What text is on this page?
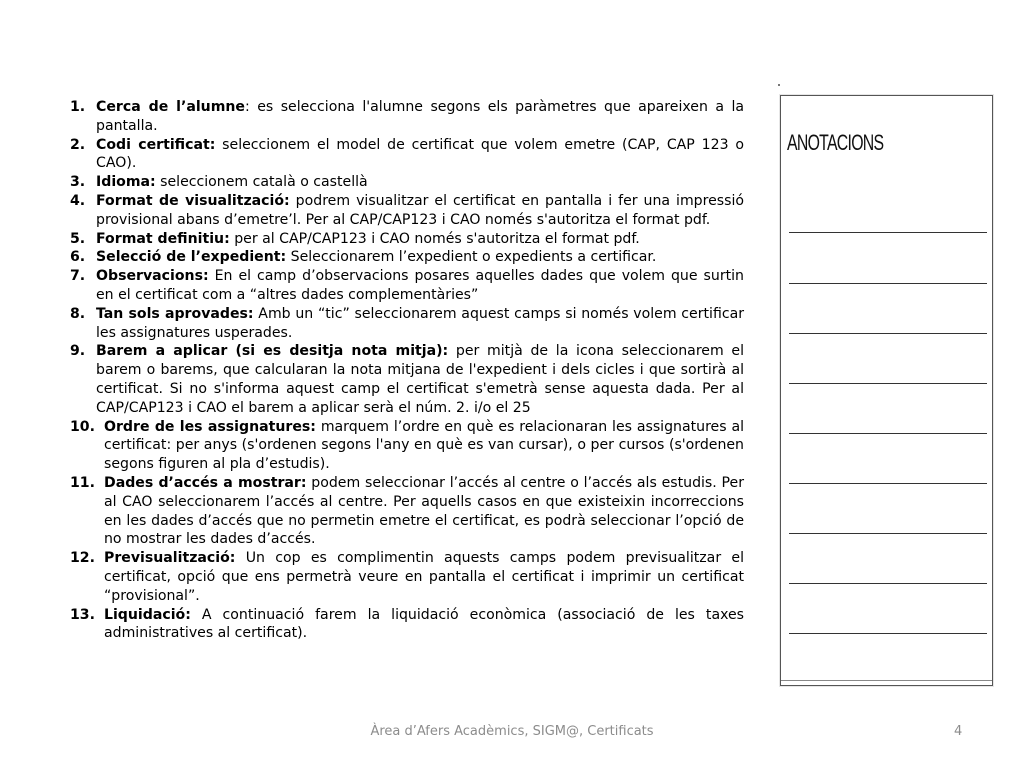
1. Cerca de l’alumne: es selecciona l'alumne segons els paràmetres que apareixen a la pantalla.
2. Codi certificat: seleccionem el model de certificat que volem emetre (CAP, CAP 123 o CAO).
3. Idioma: seleccionem català o castellà
4. Format de visualització: podrem visualitzar el certificat en pantalla i fer una impressió provisional abans d’emetre’l. Per al CAP/CAP123 i CAO només s'autoritza el format pdf.
5. Format definitiu: per al CAP/CAP123 i CAO només s'autoritza el format pdf.
6. Selecció de l’expedient: Seleccionarem l’expedient o expedients a certificar.
7. Observacions: En el camp d’observacions posares aquelles dades que volem que surtin en el certificat com a “altres dades complementàries”
8. Tan sols aprovades: Amb un “tic” seleccionarem aquest camps si només volem certificar les assignatures usperades.
9. Barem a aplicar (si es desitja nota mitja): per mitjà de la icona seleccionarem el barem o barems, que calcularan la nota mitjana de l'expedient i dels cicles i que sortirà al certificat. Si no s'informa aquest camp el certificat s'emetrà sense aquesta dada. Per al CAP/CAP123 i CAO el barem a aplicar serà el núm. 2. i/o el 25
10. Ordre de les assignatures: marquem l’ordre en què es relacionaran les assignatures al certificat: per anys (s'ordenen segons l'any en què es van cursar), o per cursos (s'ordenen segons figuren al pla d’estudis).
11. Dades d’accés a mostrar: podem seleccionar l’accés al centre o l’accés als estudis. Per al CAO seleccionarem l’accés al centre. Per aquells casos en que existeixin incorreccions en les dades d’accés que no permetin emetre el certificat, es podrà seleccionar l’opció de no mostrar les dades d’accés.
12. Previsualització: Un cop es complimentin aquests camps podem previsualitzar el certificat, opció que ens permetrà veure en pantalla el certificat i imprimir un certificat “provisional”.
13. Liquidació: A continuació farem la liquidació econòmica (associació de les taxes administratives al certificat).
ANOTACIONS
Àrea d’Afers Acadèmics, SIGM@, Certificats	4
